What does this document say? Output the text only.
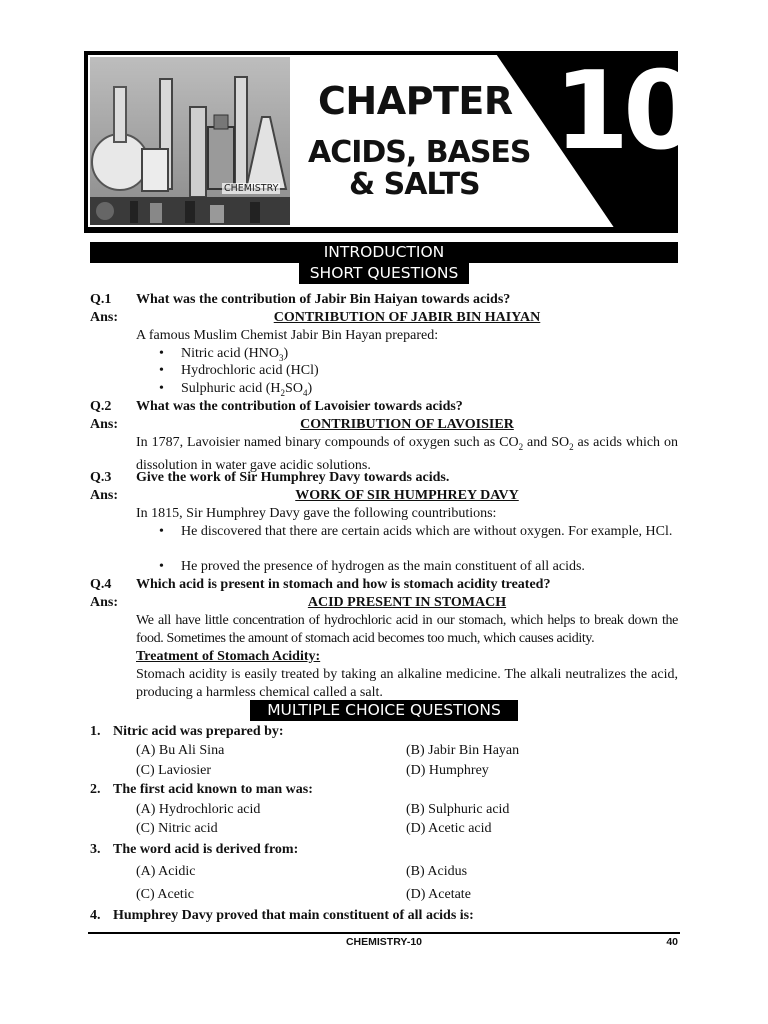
CHEMISTRY
CHAPTER
ACIDS, BASES
& SALTS
10
INTRODUCTION
SHORT QUESTIONS
Q.1 What was the contribution of Jabir Bin Haiyan towards acids?
Ans:	CONTRIBUTION OF JABIR BIN HAIYAN
A famous Muslim Chemist Jabir Bin Hayan prepared:
• Nitric acid $(HNO_3)$
• Hydrochloric acid (HCl)
• Sulphuric acid $(H_2SO_4)$
Q.2 What was the contribution of Lavoisier towards acids?
Ans:	CONTRIBUTION OF LAVOISIER
In 1787, Lavoisier named binary compounds of oxygen such as $CO_2$ and $SO_2$ as acids which on dissolution in water gave acidic solutions.
Q.3 Give the work of Sir Humphrey Davy towards acids.
Ans:	WORK OF SIR HUMPHREY DAVY
In 1815, Sir Humphrey Davy gave the following countributions:
• He discovered that there are certain acids which are without oxygen. For example, HCl.
• He proved the presence of hydrogen as the main constituent of all acids.
Q.4 Which acid is present in stomach and how is stomach acidity treated?
Ans:	ACID PRESENT IN STOMACH
We all have little concentration of hydrochloric acid in our stomach, which helps to break down the food. Sometimes the amount of stomach acid becomes too much, which causes acidity.
Treatment of Stomach Acidity:
Stomach acidity is easily treated by taking an alkaline medicine. The alkali neutralizes the acid, producing a harmless chemical called a salt.
MULTIPLE CHOICE QUESTIONS
1. Nitric acid was prepared by:
(A) Bu Ali Sina	(B) Jabir Bin Hayan
(C) Laviosier	(D) Humphrey
2. The first acid known to man was:
(A) Hydrochloric acid	(B) Sulphuric acid
(C) Nitric acid	(D) Acetic acid
3. The word acid is derived from:
(A) Acidic	(B) Acidus
(C) Acetic	(D) Acetate
4. Humphrey Davy proved that main constituent of all acids is:
CHEMISTRY-10	40
